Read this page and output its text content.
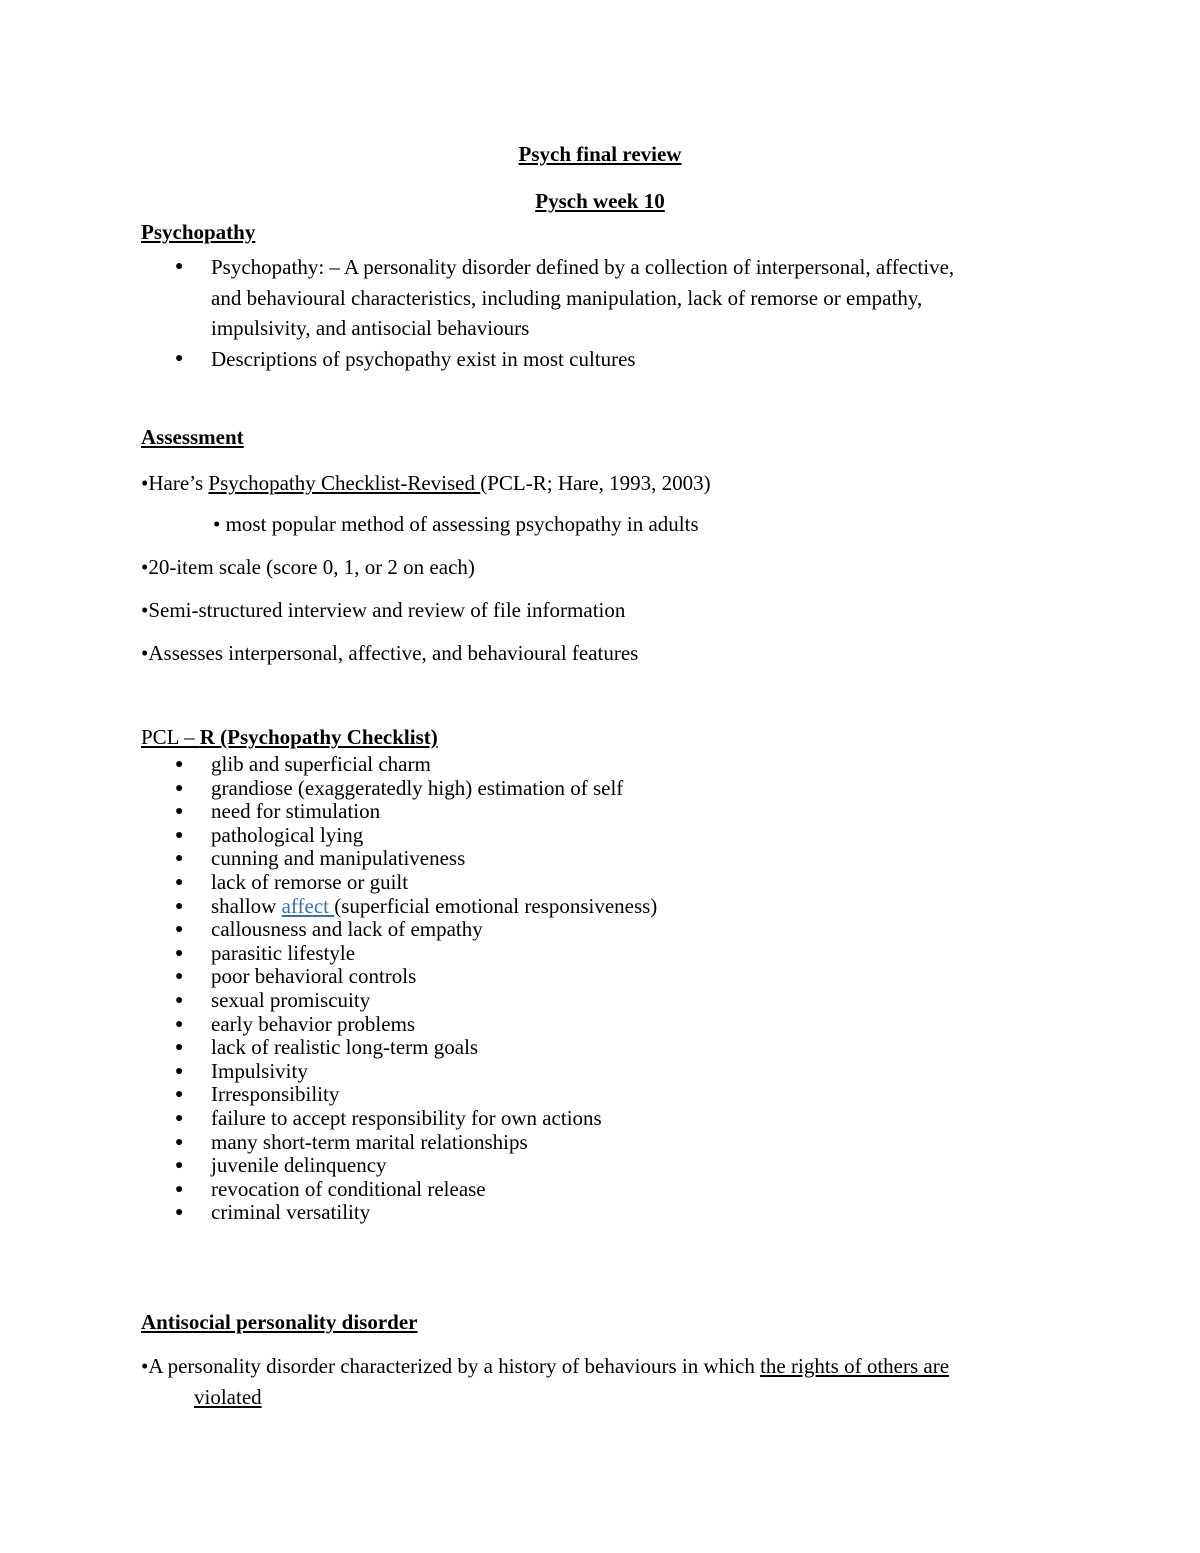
Psych final review
Pysch week 10
Psychopathy
● Psychopathy: – A personality disorder defined by a collection of interpersonal, affective,
and behavioural characteristics, including manipulation, lack of remorse or empathy,
impulsivity, and antisocial behaviours
● Descriptions of psychopathy exist in most cultures
Assessment
•Hare’s Psychopathy Checklist-Revised (PCL-R; Hare, 1993, 2003)
• most popular method of assessing psychopathy in adults
•20-item scale (score 0, 1, or 2 on each)
•Semi-structured interview and review of file information
•Assesses interpersonal, affective, and behavioural features
PCL – R (Psychopathy Checklist)
● glib and superficial charm
● grandiose (exaggeratedly high) estimation of self
● need for stimulation
● pathological lying
● cunning and manipulativeness
● lack of remorse or guilt
● shallow affect (superficial emotional responsiveness)
● callousness and lack of empathy
● parasitic lifestyle
● poor behavioral controls
● sexual promiscuity
● early behavior problems
● lack of realistic long-term goals
● Impulsivity
● Irresponsibility
● failure to accept responsibility for own actions
● many short-term marital relationships
● juvenile delinquency
● revocation of conditional release
● criminal versatility
Antisocial personality disorder
•A personality disorder characterized by a history of behaviours in which the rights of others are
violated
